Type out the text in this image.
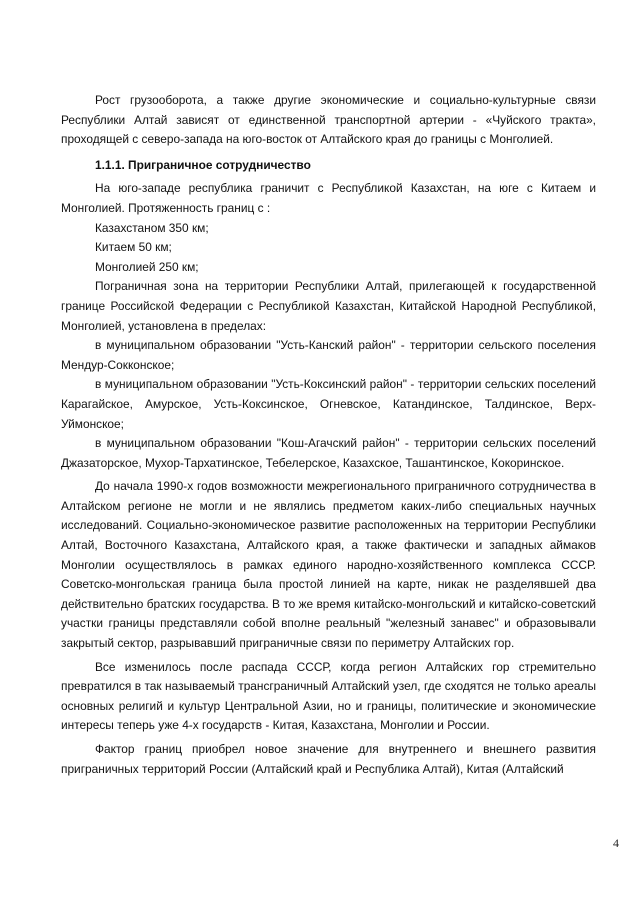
Рост грузооборота, а также другие экономические и социально-культурные связи Республики Алтай зависят от единственной транспортной артерии - «Чуйского тракта», проходящей с северо-запада на юго-восток от Алтайского края до границы с Монголией.

1.1.1. Приграничное сотрудничество

На юго-западе республика граничит с Республикой Казахстан, на юге с Китаем и Монголией. Протяженность границ с :

Казахстаном 350 км;

Китаем 50 км;

Монголией 250 км;

Пограничная зона на территории Республики Алтай, прилегающей к государственной границе Российской Федерации с Республикой Казахстан, Китайской Народной Республикой, Монголией, установлена в пределах:

в муниципальном образовании "Усть-Канский район" - территории сельского поселения Мендур-Сокконское;

в муниципальном образовании "Усть-Коксинский район" - территории сельских поселений Карагайское, Амурское, Усть-Коксинское, Огневское, Катандинское, Талдинское, Верх-Уймонское;

в муниципальном образовании "Кош-Агачский район" - территории сельских поселений Джазаторское, Мухор-Тархатинское, Тебелерское, Казахское, Ташантинское, Кокоринское.

До начала 1990-х годов возможности межрегионального приграничного сотрудничества в Алтайском регионе не могли и не являлись предметом каких-либо специальных научных исследований. Социально-экономическое развитие расположенных на территории Республики Алтай, Восточного Казахстана, Алтайского края, а также фактически и западных аймаков Монголии осуществлялось в рамках единого народно-хозяйственного комплекса СССР. Советско-монгольская граница была простой линией на карте, никак не разделявшей два действительно братских государства. В то же время китайско-монгольский и китайско-советский участки границы представляли собой вполне реальный "железный занавес" и образовывали закрытый сектор, разрывавший приграничные связи по периметру Алтайских гор.

Все изменилось после распада СССР, когда регион Алтайских гор стремительно превратился в так называемый трансграничный Алтайский узел, где сходятся не только ареалы основных религий и культур Центральной Азии, но и границы, политические и экономические интересы теперь уже 4-х государств - Китая, Казахстана, Монголии и России.

Фактор границ приобрел новое значение для внутреннего и внешнего развития приграничных территорий России (Алтайский край и Республика Алтай), Китая (Алтайский

4
